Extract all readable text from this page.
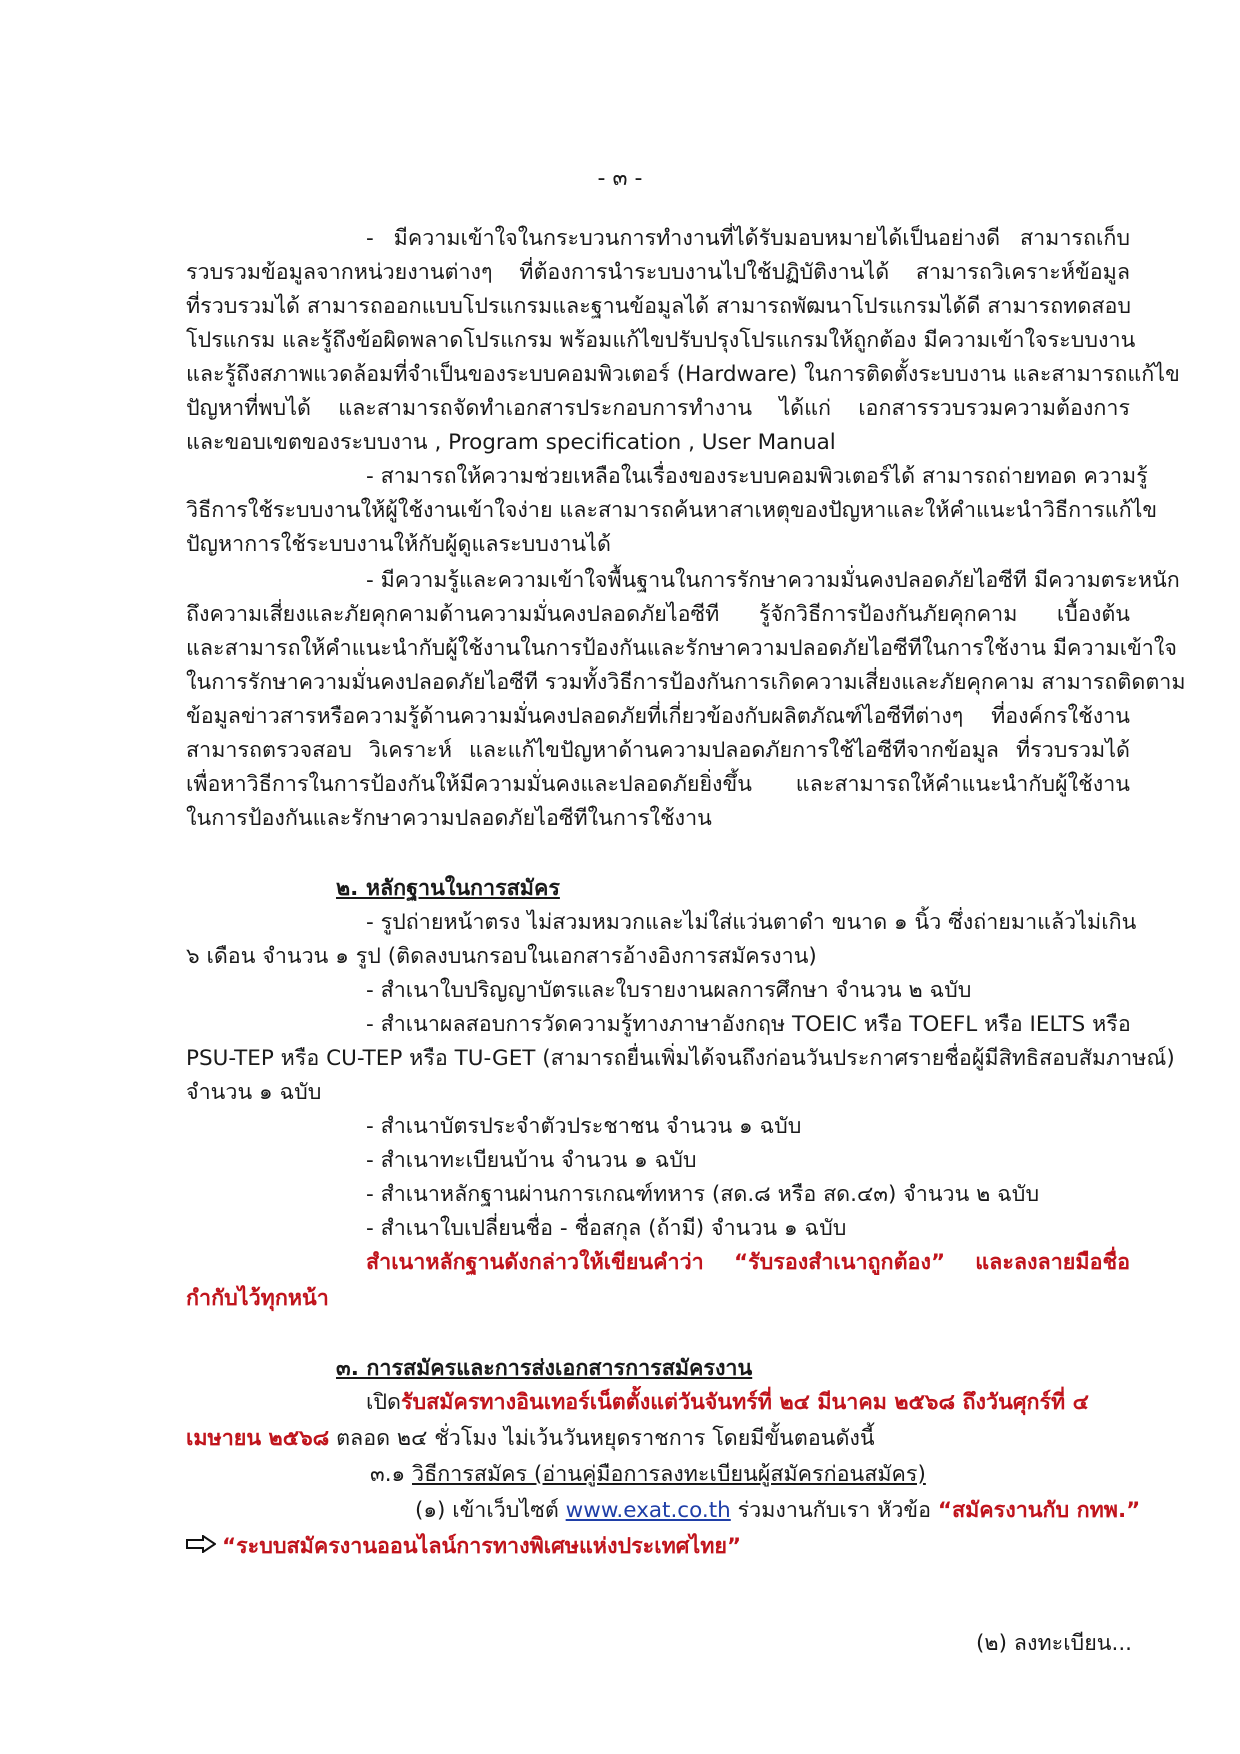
- ๓ -
- มีความเข้าใจในกระบวนการทำงานที่ได้รับมอบหมายได้เป็นอย่างดี สามารถเก็บ
รวบรวมข้อมูลจากหน่วยงานต่างๆ ที่ต้องการนำระบบงานไปใช้ปฏิบัติงานได้ สามารถวิเคราะห์ข้อมูล
ที่รวบรวมได้ สามารถออกแบบโปรแกรมและฐานข้อมูลได้ สามารถพัฒนาโปรแกรมได้ดี สามารถทดสอบ
โปรแกรม และรู้ถึงข้อผิดพลาดโปรแกรม พร้อมแก้ไขปรับปรุงโปรแกรมให้ถูกต้อง มีความเข้าใจระบบงาน
และรู้ถึงสภาพแวดล้อมที่จำเป็นของระบบคอมพิวเตอร์ (Hardware) ในการติดตั้งระบบงาน และสามารถแก้ไข
ปัญหาที่พบได้ และสามารถจัดทำเอกสารประกอบการทำงาน ได้แก่ เอกสารรวบรวมความต้องการ
และขอบเขตของระบบงาน , Program specification , User Manual
- สามารถให้ความช่วยเหลือในเรื่องของระบบคอมพิวเตอร์ได้ สามารถถ่ายทอด ความรู้
วิธีการใช้ระบบงานให้ผู้ใช้งานเข้าใจง่าย และสามารถค้นหาสาเหตุของปัญหาและให้คำแนะนำวิธีการแก้ไข
ปัญหาการใช้ระบบงานให้กับผู้ดูแลระบบงานได้
- มีความรู้และความเข้าใจพื้นฐานในการรักษาความมั่นคงปลอดภัยไอซีที มีความตระหนัก
ถึงความเสี่ยงและภัยคุกคามด้านความมั่นคงปลอดภัยไอซีที รู้จักวิธีการป้องกันภัยคุกคาม เบื้องต้น
และสามารถให้คำแนะนำกับผู้ใช้งานในการป้องกันและรักษาความปลอดภัยไอซีทีในการใช้งาน มีความเข้าใจ
ในการรักษาความมั่นคงปลอดภัยไอซีที รวมทั้งวิธีการป้องกันการเกิดความเสี่ยงและภัยคุกคาม สามารถติดตาม
ข้อมูลข่าวสารหรือความรู้ด้านความมั่นคงปลอดภัยที่เกี่ยวข้องกับผลิตภัณฑ์ไอซีทีต่างๆ ที่องค์กรใช้งาน
สามารถตรวจสอบ วิเคราะห์ และแก้ไขปัญหาด้านความปลอดภัยการใช้ไอซีทีจากข้อมูล ที่รวบรวมได้
เพื่อหาวิธีการในการป้องกันให้มีความมั่นคงและปลอดภัยยิ่งขึ้น และสามารถให้คำแนะนำกับผู้ใช้งาน
ในการป้องกันและรักษาความปลอดภัยไอซีทีในการใช้งาน
๒. หลักฐานในการสมัคร
- รูปถ่ายหน้าตรง ไม่สวมหมวกและไม่ใส่แว่นตาดำ ขนาด ๑ นิ้ว ซึ่งถ่ายมาแล้วไม่เกิน
๖ เดือน จำนวน ๑ รูป (ติดลงบนกรอบในเอกสารอ้างอิงการสมัครงาน)
- สำเนาใบปริญญาบัตรและใบรายงานผลการศึกษา จำนวน ๒ ฉบับ
- สำเนาผลสอบการวัดความรู้ทางภาษาอังกฤษ TOEIC หรือ TOEFL หรือ IELTS หรือ
PSU-TEP หรือ CU-TEP หรือ TU-GET (สามารถยื่นเพิ่มได้จนถึงก่อนวันประกาศรายชื่อผู้มีสิทธิสอบสัมภาษณ์)
จำนวน ๑ ฉบับ
- สำเนาบัตรประจำตัวประชาชน จำนวน ๑ ฉบับ
- สำเนาทะเบียนบ้าน จำนวน ๑ ฉบับ
- สำเนาหลักฐานผ่านการเกณฑ์ทหาร (สด.๘ หรือ สด.๔๓) จำนวน ๒ ฉบับ
- สำเนาใบเปลี่ยนชื่อ - ชื่อสกุล (ถ้ามี) จำนวน ๑ ฉบับ
สำเนาหลักฐานดังกล่าวให้เขียนคำว่า “รับรองสำเนาถูกต้อง” และลงลายมือชื่อ
กำกับไว้ทุกหน้า
๓. การสมัครและการส่งเอกสารการสมัครงาน
เปิดรับสมัครทางอินเทอร์เน็ตตั้งแต่วันจันทร์ที่ ๒๔ มีนาคม ๒๕๖๘ ถึงวันศุกร์ที่ ๔
เมษายน ๒๕๖๘ ตลอด ๒๔ ชั่วโมง ไม่เว้นวันหยุดราชการ โดยมีขั้นตอนดังนี้
๓.๑ วิธีการสมัคร (อ่านคู่มือการลงทะเบียนผู้สมัครก่อนสมัคร)
(๑) เข้าเว็บไซต์ www.exat.co.th ร่วมงานกับเรา หัวข้อ “สมัครงานกับ กทพ.”
“ระบบสมัครงานออนไลน์การทางพิเศษแห่งประเทศไทย”
(๒) ลงทะเบียน...
